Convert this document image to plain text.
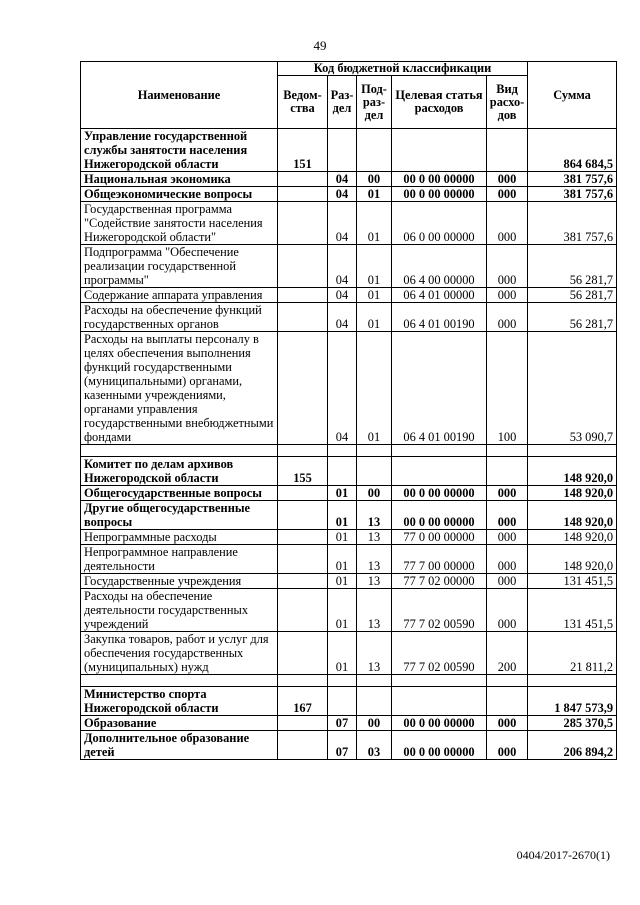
49
Наименование	Код бюджетной классификации					Сумма
	Ведом-ства	Раз-дел	Под-раз-дел	Целевая статья расходов	Вид расхо-дов	
Управление государственной службы занятости населения Нижегородской области	151					864 684,5
Национальная экономика		04	00	00 0 00 00000	000	381 757,6
Общеэкономические вопросы		04	01	00 0 00 00000	000	381 757,6
Государственная программа "Содействие занятости населения Нижегородской области"		04	01	06 0 00 00000	000	381 757,6
Подпрограмма "Обеспечение реализации государственной программы"		04	01	06 4 00 00000	000	56 281,7
Содержание аппарата управления		04	01	06 4 01 00000	000	56 281,7
Расходы на обеспечение функций государственных органов		04	01	06 4 01 00190	000	56 281,7
Расходы на выплаты персоналу в целях обеспечения выполнения функций государственными (муниципальными) органами, казенными учреждениями, органами управления государственными внебюджетными фондами		04	01	06 4 01 00190	100	53 090,7

Комитет по делам архивов Нижегородской области	155					148 920,0
Общегосударственные вопросы		01	00	00 0 00 00000	000	148 920,0
Другие общегосударственные вопросы		01	13	00 0 00 00000	000	148 920,0
Непрограммные расходы		01	13	77 0 00 00000	000	148 920,0
Непрограммное направление деятельности		01	13	77 7 00 00000	000	148 920,0
Государственные учреждения		01	13	77 7 02 00000	000	131 451,5
Расходы на обеспечение деятельности государственных учреждений		01	13	77 7 02 00590	000	131 451,5
Закупка товаров, работ и услуг для обеспечения государственных (муниципальных) нужд		01	13	77 7 02 00590	200	21 811,2

Министерство спорта Нижегородской области	167					1 847 573,9
Образование		07	00	00 0 00 00000	000	285 370,5
Дополнительное образование детей		07	03	00 0 00 00000	000	206 894,2
0404/2017-2670(1)
